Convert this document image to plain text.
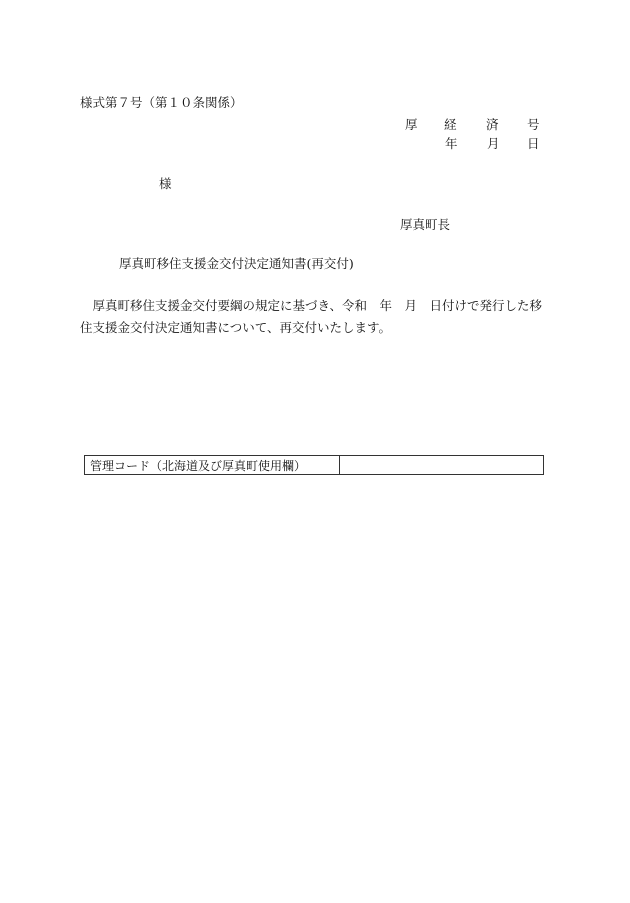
様式第７号（第１０条関係）
厚 経 済 号
年 月 日
様
厚真町長
厚真町移住支援金交付決定通知書(再交付)
厚真町移住支援金交付要綱の規定に基づき、令和　年　月　日付けで発行した移住支援金交付決定通知書について、再交付いたします。
管理コード（北海道及び厚真町使用欄）
